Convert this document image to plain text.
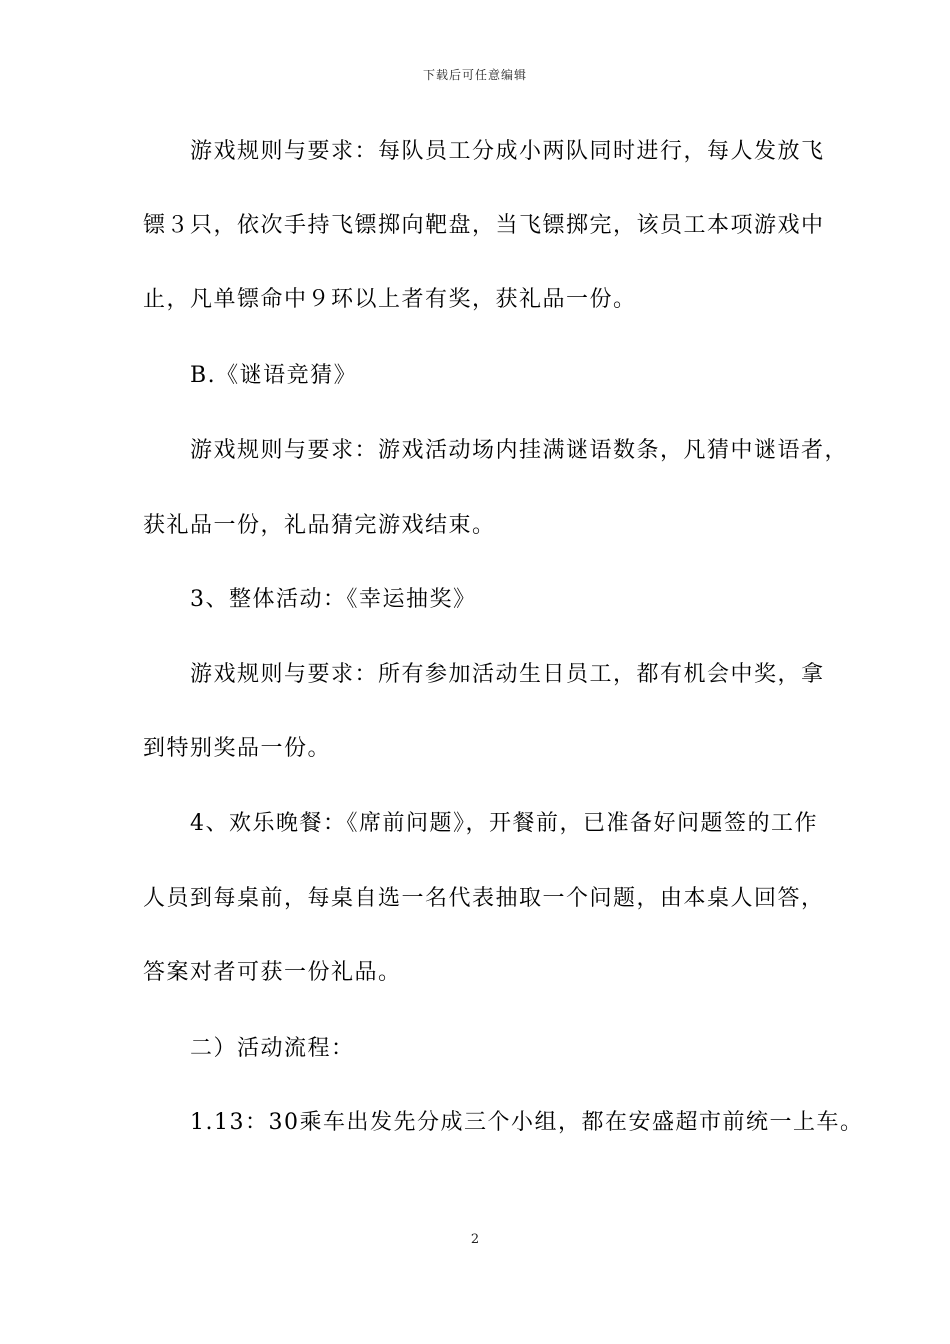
下载后可任意编辑
游戏规则与要求：每队员工分成小两队同时进行，每人发放飞
镖３只，依次手持飞镖掷向靶盘，当飞镖掷完，该员工本项游戏中
止，凡单镖命中９环以上者有奖，获礼品一份。
B.《谜语竞猜》
游戏规则与要求：游戏活动场内挂满谜语数条，凡猜中谜语者，
获礼品一份，礼品猜完游戏结束。
3、整体活动：《幸运抽奖》
游戏规则与要求：所有参加活动生日员工，都有机会中奖，拿
到特别奖品一份。
4、欢乐晚餐：《席前问题》，开餐前，已准备好问题签的工作
人员到每桌前，每桌自选一名代表抽取一个问题，由本桌人回答，
答案对者可获一份礼品。
二）活动流程：
1.13：30乘车出发先分成三个小组，都在安盛超市前统一上车。
2
